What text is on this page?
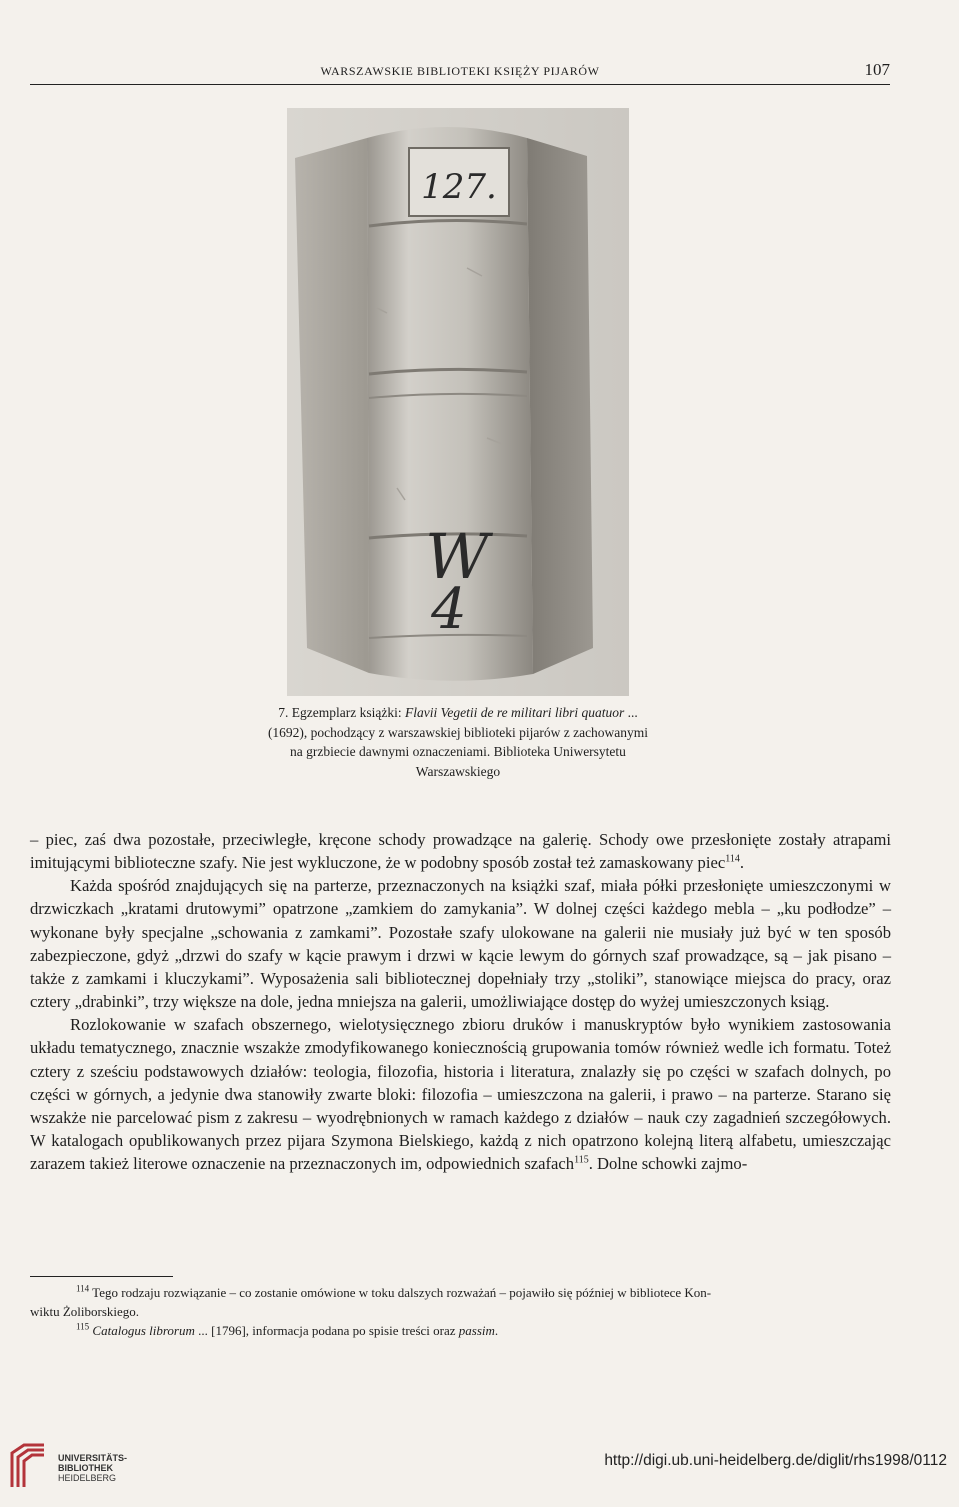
WARSZAWSKIE BIBLIOTEKI KSIĘŻY PIJARÓW	107
127.
W
4
7. Egzemplarz książki: Flavii Vegetii de re militari libri quatuor ... (1692), pochodzący z warszawskiej biblioteki pijarów z zachowanymi na grzbiecie dawnymi oznaczeniami. Biblioteka Uniwersytetu Warszawskiego

– piec, zaś dwa pozostałe, przeciwległe, kręcone schody prowadzące na galerię. Schody owe przesłonięte zostały atrapami imitującymi biblioteczne szafy. Nie jest wykluczone, że w podobny sposób został też zamaskowany piec$^{114}$.

Każda spośród znajdujących się na parterze, przeznaczonych na książki szaf, miała półki przesłonięte umieszczonymi w drzwiczkach „kratami drutowymi” opatrzone „zamkiem do zamykania”. W dolnej części każdego mebla – „ku podłodze” – wykonane były specjalne „schowania z zamkami”. Pozostałe szafy ulokowane na galerii nie musiały już być w ten sposób zabezpieczone, gdyż „drzwi do szafy w kącie prawym i drzwi w kącie lewym do górnych szaf prowadzące, są – jak pisano – także z zamkami i kluczykami”. Wyposażenia sali bibliotecznej dopełniały trzy „stoliki”, stanowiące miejsca do pracy, oraz cztery „drabinki”, trzy większe na dole, jedna mniejsza na galerii, umożliwiające dostęp do wyżej umieszczonych ksiąg.

Rozlokowanie w szafach obszernego, wielotysięcznego zbioru druków i manuskryptów było wynikiem zastosowania układu tematycznego, znacznie wszakże zmodyfikowanego koniecznością grupowania tomów również wedle ich formatu. Toteż cztery z sześciu podstawowych działów: teologia, filozofia, historia i literatura, znalazły się po części w szafach dolnych, po części w górnych, a jedynie dwa stanowiły zwarte bloki: filozofia – umieszczona na galerii, i prawo – na parterze. Starano się wszakże nie parcelować pism z zakresu – wyodrębnionych w ramach każdego z działów – nauk czy zagadnień szczegółowych. W katalogach opublikowanych przez pijara Szymona Bielskiego, każdą z nich opatrzono kolejną literą alfabetu, umieszczając zarazem takież literowe oznaczenie na przeznaczonych im, odpowiednich szafach$^{115}$. Dolne schowki zajmo-

$^{114}$ Tego rodzaju rozwiązanie – co zostanie omówione w toku dalszych rozważań – pojawiło się później w bibliotece Kon-

wiktu Żoliborskiego.

$^{115}$ Catalogus librorum ... [1796], informacja podana po spisie treści oraz passim.

UNIVERSITÄTS-
BIBLIOTHEK
HEIDELBERG
http://digi.ub.uni-heidelberg.de/diglit/rhs1998/0112
